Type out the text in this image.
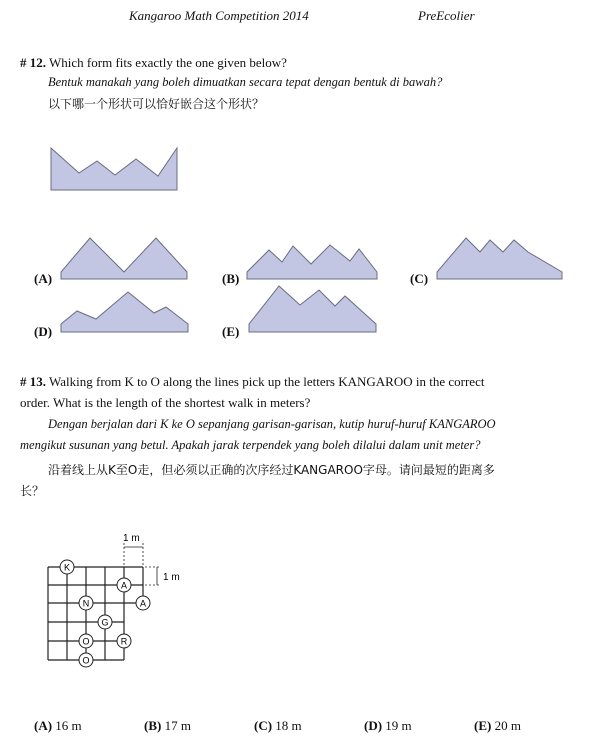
Kangaroo Math Competition 2014	PreEcolier
# 12. Which form fits exactly the one given below?
Bentuk manakah yang boleh dimuatkan secara tepat dengan bentuk di bawah?
以下哪一个形状可以恰好嵌合这个形状？
(A)	(B)	(C)
(D)	(E)
# 13. Walking from K to O along the lines pick up the letters KANGAROO in the correct
order. What is the length of the shortest walk in meters?
Dengan berjalan dari K ke O sepanjang garisan-garisan, kutip huruf-huruf KANGAROO
mengikut susunan yang betul. Apakah jarak terpendek yang boleh dilalui dalam unit meter?
沿着线上从K至O走，但必须以正确的次序经过KANGAROO字母。请问最短的距离多
长？
1 m
1 m
K
A
A
N
G
O	R
O
(A) 16 m	(B) 17 m	(C) 18 m	(D) 19 m	(E) 20 m
